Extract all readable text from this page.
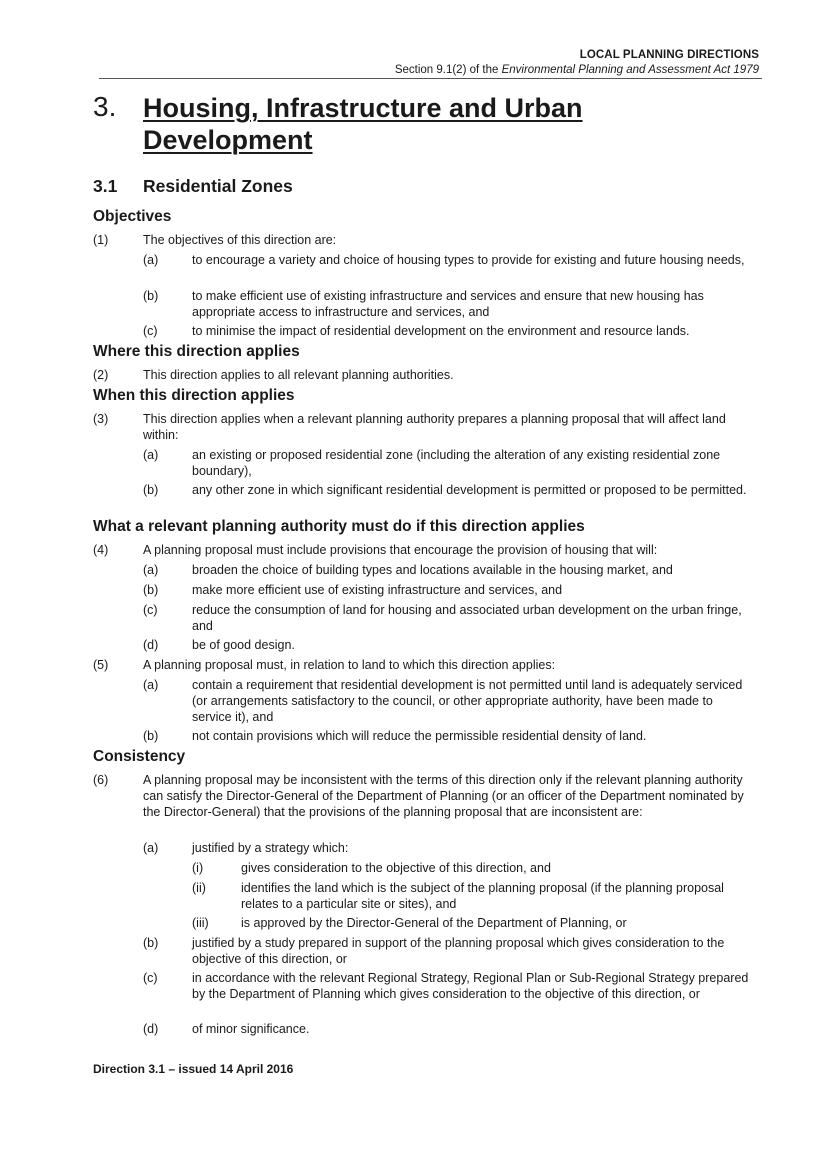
LOCAL PLANNING DIRECTIONS
Section 9.1(2) of the Environmental Planning and Assessment Act 1979
3. Housing, Infrastructure and Urban Development
3.1 Residential Zones
Objectives

(1)	The objectives of this direction are:

(a)	to encourage a variety and choice of housing types to provide for existing and future housing needs,

(b)	to make efficient use of existing infrastructure and services and ensure that new housing has appropriate access to infrastructure and services, and

(c)	to minimise the impact of residential development on the environment and resource lands.

Where this direction applies

(2)	This direction applies to all relevant planning authorities.

When this direction applies

(3)	This direction applies when a relevant planning authority prepares a planning proposal that will affect land within:

(a)	an existing or proposed residential zone (including the alteration of any existing residential zone boundary),

(b)	any other zone in which significant residential development is permitted or proposed to be permitted.

What a relevant planning authority must do if this direction applies

(4)	A planning proposal must include provisions that encourage the provision of housing that will:

(a)	broaden the choice of building types and locations available in the housing market, and

(b)	make more efficient use of existing infrastructure and services, and

(c)	reduce the consumption of land for housing and associated urban development on the urban fringe, and

(d)	be of good design.

(5)	A planning proposal must, in relation to land to which this direction applies:

(a)	contain a requirement that residential development is not permitted until land is adequately serviced (or arrangements satisfactory to the council, or other appropriate authority, have been made to service it), and

(b)	not contain provisions which will reduce the permissible residential density of land.

Consistency

(6)	A planning proposal may be inconsistent with the terms of this direction only if the relevant planning authority can satisfy the Director-General of the Department of Planning (or an officer of the Department nominated by the Director-General) that the provisions of the planning proposal that are inconsistent are:

(a)	justified by a strategy which:

(i)	gives consideration to the objective of this direction, and

(ii)	identifies the land which is the subject of the planning proposal (if the planning proposal relates to a particular site or sites), and

(iii)	is approved by the Director-General of the Department of Planning, or

(b)	justified by a study prepared in support of the planning proposal which gives consideration to the objective of this direction, or

(c)	in accordance with the relevant Regional Strategy, Regional Plan or Sub-Regional Strategy prepared by the Department of Planning which gives consideration to the objective of this direction, or

(d)	of minor significance.

Direction 3.1 – issued 14 April 2016
